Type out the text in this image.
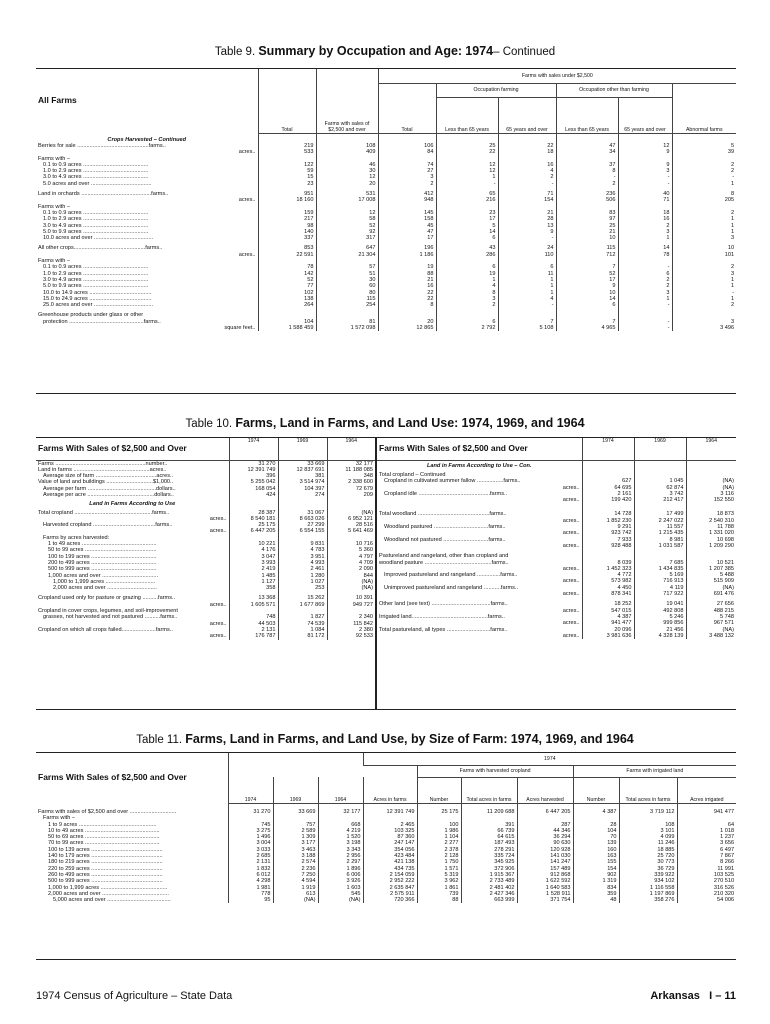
Table 9. Summary by Occupation and Age: 1974– Continued
All Farms	Total	Farms with sales of $2,500 and over	Farms with sales under $2,500					
			Total	Occupation farming		Occupation other than farming		Abnormal farms
				Less than 65 years	65 years and over	Less than 65 years	65 years and over	
Crops Harvested – Continued								
Berries for sale ..............................................farms..	219	108	106	25	22	47	12	5
acres..	533	409	84	22	18	34	9	39
Farms with –								
0.1 to 0.9 acres ..........................................	122	46	74	12	16	37	9	2
1.0 to 2.9 acres ..........................................	59	30	27	12	4	8	3	2
3.0 to 4.9 acres ..........................................	15	12	3	1	2	-	-	-
5.0 acres and over .......................................	23	20	2	-	-	2	-	1

Land in orchards .............................................farms..	951	531	412	65	71	236	40	8
acres..	18 160	17 008	948	216	154	506	71	205
Farms with –								
0.1 to 0.9 acres ..........................................	159	12	145	23	21	83	18	2
1.0 to 2.9 acres ..........................................	217	58	158	17	28	97	16	1
3.0 to 4.9 acres ..........................................	98	52	45	5	13	25	2	1
5.0 to 9.9 acres ..........................................	140	92	47	14	9	21	3	1
10.0 acres and over ......................................	337	317	17	6	-	10	1	3

All other crops..............................................farms..	853	647	196	43	24	115	14	10
acres..	22 591	21 304	1 186	286	110	712	78	101
Farms with –								
0.1 to 0.9 acres ..........................................	78	57	19	6	6	7	-	2
1.0 to 2.9 acres ..........................................	142	51	88	19	11	52	6	3
3.0 to 4.9 acres ..........................................	52	30	21	1	1	17	2	1
5.0 to 9.9 acres ..........................................	77	60	16	4	1	9	2	1
10.0 to 14.9 acres ........................................	102	80	22	8	1	10	3	-
15.0 to 24.9 acres ........................................	138	115	22	3	4	14	1	1
25.0 acres and over ......................................	264	254	8	2	-	6	-	2

Greenhouse products under glass or other								
protection ................................................farms..	104	81	20	6	7	7	-	3
square feet..	1 588 459	1 572 098	12 865	2 792	5 108	4 965	-	3 496
Table 10. Farms, Land in Farms, and Land Use: 1974, 1969, and 1964
Farms With Sales of $2,500 and Over	1974	1969	1964
Farms ..........................................................number..	31 270	33 669	32 177
Land in farms .................................................acres..	12 391 749	12 837 691	11 188 085
Average size of farm .......................................acres..	396	381	348
Value of land and buildings ..............................$1,000..	5 255 042	3 514 974	2 338 600
Average per farm ............................................dollars..	168 054	104 397	72 679
Average per acre ...........................................dollars..	424	274	209
Land in Farms According to Use			
Total cropland ..................................................farms..	28 387	31 067	(NA)
acres..	8 540 181	8 663 026	6 952 121
Harvested cropland ........................................farms..	25 175	27 299	28 516
acres..	6 447 205	6 554 155	5 641 469
Farms by acres harvested:			
1 to 49 acres ................................................	10 221	9 831	10 716
50 to 99 acres ..............................................	4 176	4 783	5 360
100 to 199 acres ..........................................	3 047	3 951	4 797
200 to 499 acres ..........................................	3 993	4 993	4 709
500 to 999 acres ..........................................	2 419	2 461	2 090
1,000 acres and over ....................................	1 485	1 280	844
1,000 to 1,999 acres ................................	1 127	1 027	(NA)
2,000 acres and over ................................	358	253	(NA)

Cropland used only for pasture or grazing ..........farms..	13 368	15 262	10 391
acres..	1 605 571	1 677 869	949 727
Cropland in cover crops, legumes, and soil-improvement			
grasses, not harvested and not pastured ..........farms..	748	1 827	2 340
acres..	44 503	74 539	115 842
Cropland on which all crops failed......................farms..	2 131	1 084	2 380
acres..	176 787	81 172	92 533
Farms With Sales of $2,500 and Over	1974	1969	1964
Land in Farms According to Use – Con.			
Total cropland – Continued			
Cropland in cultivated summer fallow .................farms..	627	1 045	(NA)
acres..	64 695	62 874	(NA)
Cropland idle ..............................................farms..	2 161	3 742	3 116
acres..	199 420	212 417	152 550

Total woodland ..............................................farms..	14 728	17 499	18 873
acres..	1 852 230	2 247 022	2 540 310
Woodland pastured ...................................farms..	9 291	11 557	11 788
acres..	923 742	1 215 435	1 331 020
Woodland not pastured .............................farms..	7 933	8 981	10 698
acres..	928 488	1 031 587	1 209 290

Pastureland and rangeland, other than cropland and			
woodland pasture ...........................................farms..	8 039	7 685	10 521
acres..	1 452 323	1 434 835	1 207 385
Improved pastureland and rangeland ...............farms..	4 772	5 169	5 488
acres..	573 982	716 913	515 909
Unimproved pastureland and rangeland ...........farms..	4 450	4 119	(NA)
acres..	878 341	717 922	691 476

Other land (see text) ......................................farms..	18 252	19 041	27 656
acres..	547 015	492 808	488 215
Irrigated land.................................................farms..	4 387	5 246	5 748
acres..	941 477	999 856	967 571
Total pastureland, all types ............................farms..	20 096	21 456	(NA)
acres..	3 981 636	4 328 139	3 488 132
Table 11. Farms, Land in Farms, and Land Use, by Size of Farm: 1974, 1969, and 1964
Farms With Sales of $2,500 and Over				1974						
					Farms with harvested cropland			Farms with irrigated land		
	1974	1969	1964	Acres in farms	Number	Total acres in farms	Acres harvested	Number	Total acres in farms	Acres irrigated

Farms with sales of $2,500 and over ..............................	31 270	33 669	32 177	12 391 749	25 175	11 209 688	6 447 205	4 387	3 719 112	941 477
Farms with –										
1 to 9 acres ..................................................	745	757	668	2 465	100	391	287	28	108	64
10 to 49 acres ................................................	3 275	2 589	4 219	103 325	1 986	66 739	44 346	104	3 101	1 018
50 to 69 acres ................................................	1 496	1 309	1 520	87 360	1 104	64 615	36 294	70	4 099	1 237
70 to 99 acres ................................................	3 004	3 177	3 198	247 147	2 277	187 493	90 630	139	11 246	3 656
100 to 139 acres ..............................................	3 033	3 463	3 343	354 056	2 378	278 291	120 928	160	18 885	6 497
140 to 179 acres ..............................................	2 685	3 188	2 956	423 484	2 128	335 724	141 030	163	25 720	7 867
180 to 219 acres ..............................................	2 131	2 574	2 297	421 138	1 750	345 925	141 247	155	30 773	8 266
220 to 259 acres ..............................................	1 832	2 236	1 896	434 735	1 571	372 906	157 489	154	36 729	11 991
260 to 499 acres ..............................................	6 012	7 250	6 006	2 154 059	5 319	1 915 367	912 868	902	339 922	103 525
500 to 999 acres ..............................................	4 298	4 594	3 926	2 952 222	3 962	2 733 489	1 622 592	1 319	934 102	270 510
1,000 to 1,999 acres ...........................................	1 981	1 919	1 603	2 635 847	1 861	2 481 402	1 640 583	834	1 116 558	316 526
2,000 acres and over ...........................................	778	613	545	2 575 911	739	2 427 346	1 528 911	359	1 197 869	210 320
5,000 acres and over .........................................	95	(NA)	(NA)	720 366	88	663 999	371 754	48	358 276	54 006
1974 Census of Agriculture – State Data	Arkansas I – 11
